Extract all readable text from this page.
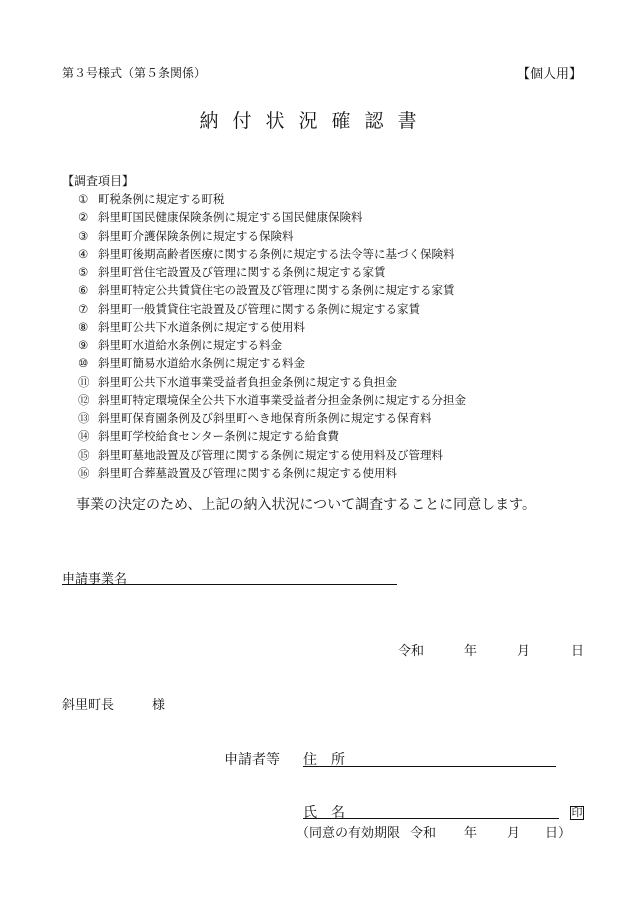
第３号様式（第５条関係）	【個人用】
納付状況確認書
【調査項目】
① 町税条例に規定する町税
② 斜里町国民健康保険条例に規定する国民健康保険料
③ 斜里町介護保険条例に規定する保険料
④ 斜里町後期高齢者医療に関する条例に規定する法令等に基づく保険料
⑤ 斜里町営住宅設置及び管理に関する条例に規定する家賃
⑥ 斜里町特定公共賃貸住宅の設置及び管理に関する条例に規定する家賃
⑦ 斜里町一般賃貸住宅設置及び管理に関する条例に規定する家賃
⑧ 斜里町公共下水道条例に規定する使用料
⑨ 斜里町水道給水条例に規定する料金
⑩ 斜里町簡易水道給水条例に規定する料金
⑪ 斜里町公共下水道事業受益者負担金条例に規定する負担金
⑫ 斜里町特定環境保全公共下水道事業受益者分担金条例に規定する分担金
⑬ 斜里町保育園条例及び斜里町へき地保育所条例に規定する保育料
⑭ 斜里町学校給食センター条例に規定する給食費
⑮ 斜里町墓地設置及び管理に関する条例に規定する使用料及び管理料
⑯ 斜里町合葬墓設置及び管理に関する条例に規定する使用料
事業の決定のため、上記の納入状況について調査することに同意します。
申請事業名
令和	年	月	日
斜里町長	様
申請者等 住 所
氏 名	印
（同意の有効期限 令和 年 月 日）
